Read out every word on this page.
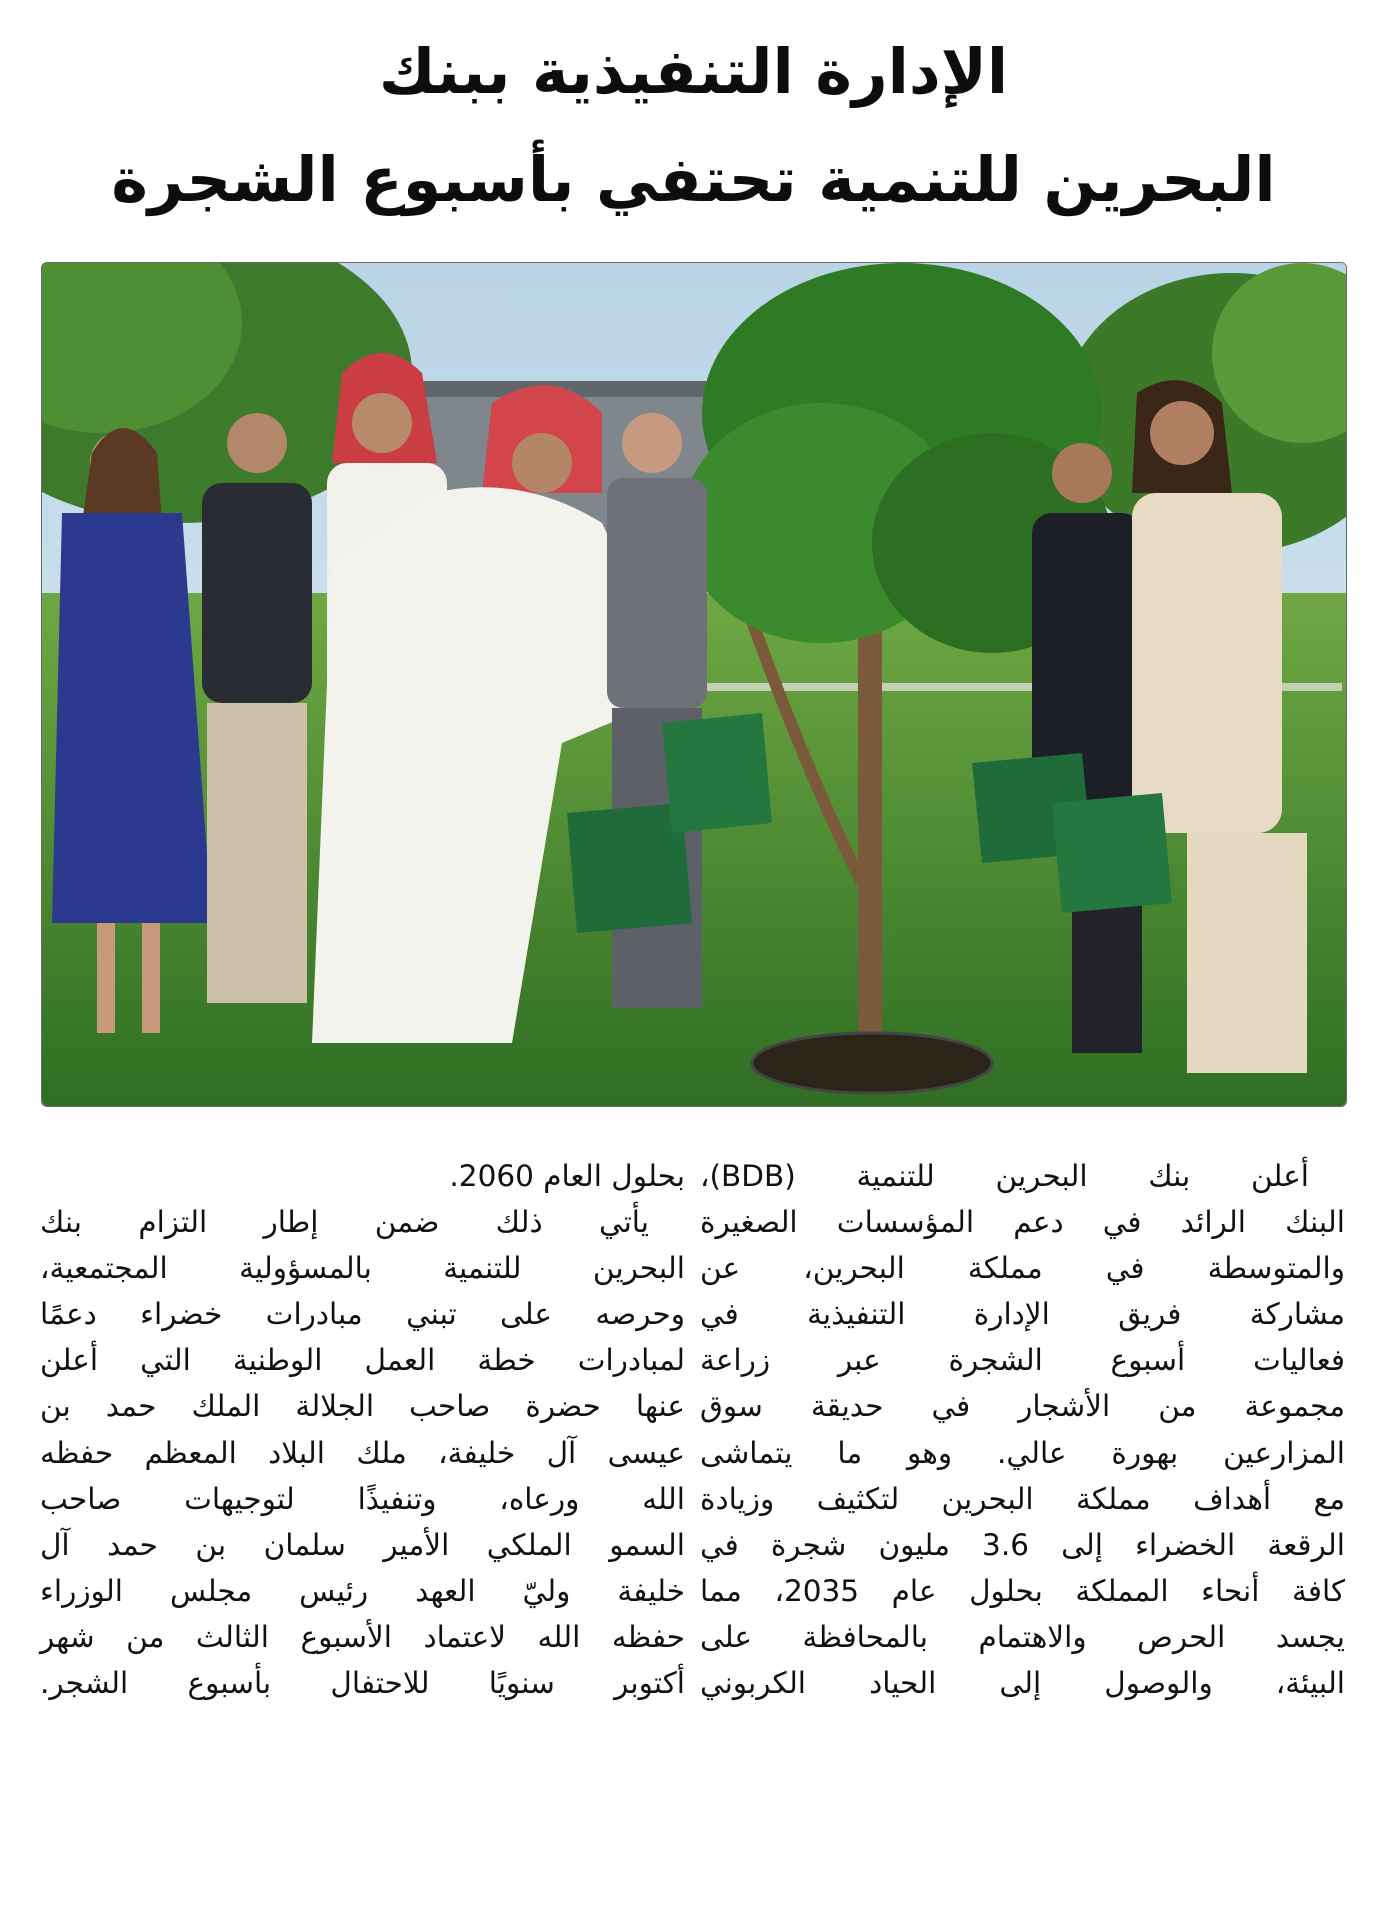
الإدارة التنفيذية ببنك
البحرين للتنمية تحتفي بأسبوع الشجرة
أعلن بنك البحرين للتنمية (BDB)،
البنك الرائد في دعم المؤسسات الصغيرة
والمتوسطة في مملكة البحرين، عن
مشاركة فريق الإدارة التنفيذية في
فعاليات أسبوع الشجرة عبر زراعة
مجموعة من الأشجار في حديقة سوق
المزارعين بهورة عالي. وهو ما يتماشى
مع أهداف مملكة البحرين لتكثيف وزيادة
الرقعة الخضراء إلى 3.6 مليون شجرة في
كافة أنحاء المملكة بحلول عام 2035، مما
يجسد الحرص والاهتمام بالمحافظة على
البيئة، والوصول إلى الحياد الكربوني
بحلول العام 2060.
يأتي ذلك ضمن إطار التزام بنك
البحرين للتنمية بالمسؤولية المجتمعية،
وحرصه على تبني مبادرات خضراء دعمًا
لمبادرات خطة العمل الوطنية التي أعلن
عنها حضرة صاحب الجلالة الملك حمد بن
عيسى آل خليفة، ملك البلاد المعظم حفظه
الله ورعاه، وتنفيذًا لتوجيهات صاحب
السمو الملكي الأمير سلمان بن حمد آل
خليفة وليّ العهد رئيس مجلس الوزراء
حفظه الله لاعتماد الأسبوع الثالث من شهر
أكتوبر سنويًا للاحتفال بأسبوع الشجر.
